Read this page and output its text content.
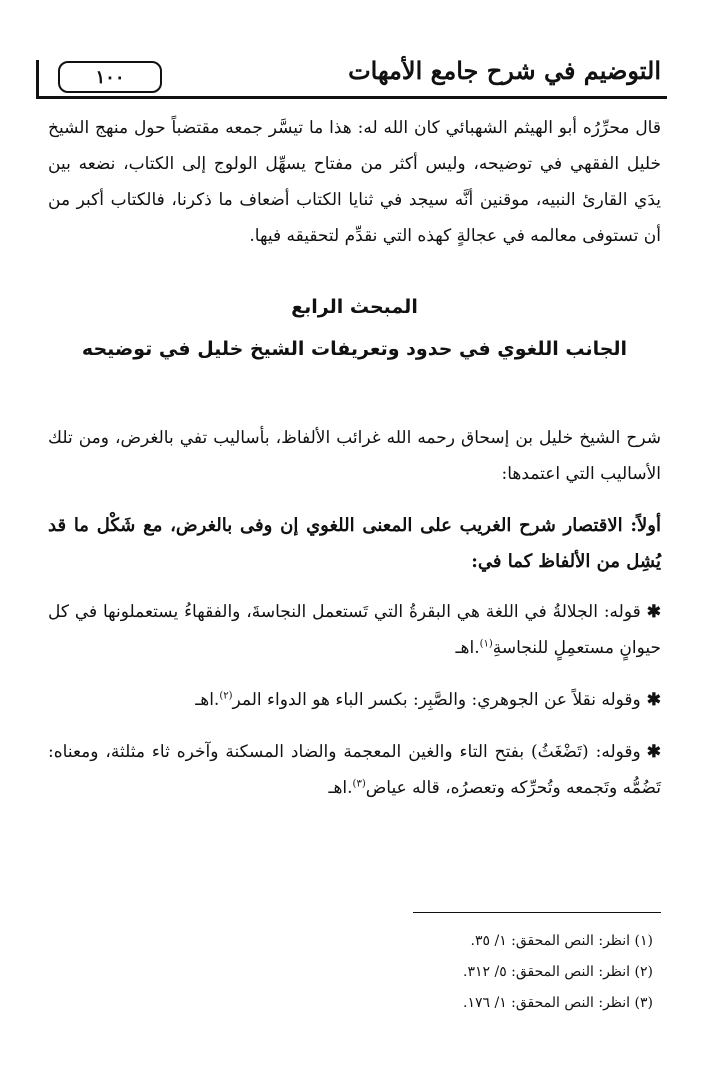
التوضيم في شرح جامع الأمهات
١٠٠

قال محرِّرُه أبو الهيثم الشهبائي كان الله له: هذا ما تيسَّر جمعه مقتضباً حول منهج الشيخ خليل الفقهي في توضيحه، وليس أكثر من مفتاح يسهِّل الولوج إلى الكتاب، نضعه بين يدَي القارئ النبيه، موقنين أنَّه سيجد في ثنايا الكتاب أضعاف ما ذكرنا، فالكتاب أكبر من أن تستوفى معالمه في عجالةٍ كهذه التي نقدِّم لتحقيقه فيها.

المبحث الرابع
الجانب اللغوي في حدود وتعريفات الشيخ خليل في توضيحه

شرح الشيخ خليل بن إسحاق رحمه الله غرائب الألفاظ، بأساليب تفي بالغرض، ومن تلك الأساليب التي اعتمدها:

أولاً: الاقتصار شرح الغريب على المعنى اللغوي إن وفى بالغرض، مع شَكْل ما قد يُشِل من الألفاظ كما في:

✱قوله: الجلالةُ في اللغة هي البقرةُ التي تَستعمل النجاسةَ، والفقهاءُ يستعملونها في كل حيوانٍ مستعمِلٍ للنجاسةِ$^{(١)}$.اهـ

✱وقوله نقلاً عن الجوهري: والصَّبِر: بكسر الباء هو الدواء المر$^{(٢)}$.اهـ

✱وقوله: (تَضْغَثُ) بفتح التاء والغين المعجمة والضاد المسكنة وآخره ثاء مثلثة، ومعناه: تَضُمُّه وتَجمعه وتُحرِّكه وتعصرُه، قاله عياض$^{(٣)}$.اهـ

(١) انظر: النص المحقق: ١/ ٣٥.
(٢) انظر: النص المحقق: ٥/ ٣١٢.
(٣) انظر: النص المحقق: ١/ ١٧٦.
